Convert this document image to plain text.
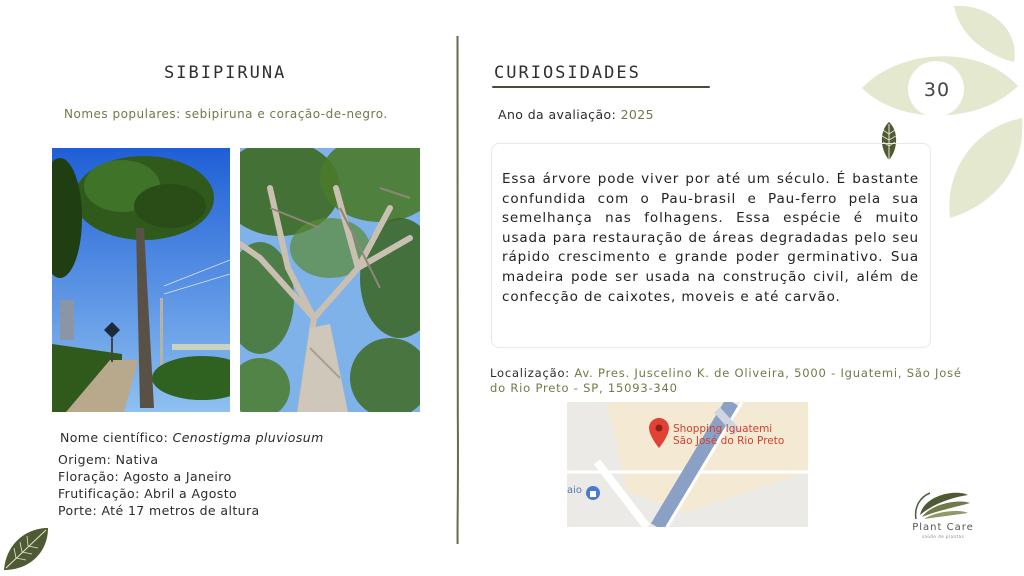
30
SIBIPIRUNA
Nomes populares: sebipiruna e coração-de-negro.
Nome científico: Cenostigma pluviosum
Origem: Nativa
Floração: Agosto a Janeiro
Frutificação: Abril a Agosto
Porte: Até 17 metros de altura
CURIOSIDADES
Ano da avaliação: 2025
Essa árvore pode viver por até um século. É bastante confundida com o Pau-brasil e Pau-ferro pela sua semelhança nas folhagens. Essa espécie é muito usada para restauração de áreas degradadas pelo seu rápido crescimento e grande poder germinativo. Sua madeira pode ser usada na construção civil, além de confecção de caixotes, moveis e até carvão.
Localização: Av. Pres. Juscelino K. de Oliveira, 5000 - Iguatemi, São José do Rio Preto - SP, 15093-340
Shopping Iguatemi
São José do Rio Preto
aio
Plant Care
saúde de plantas
